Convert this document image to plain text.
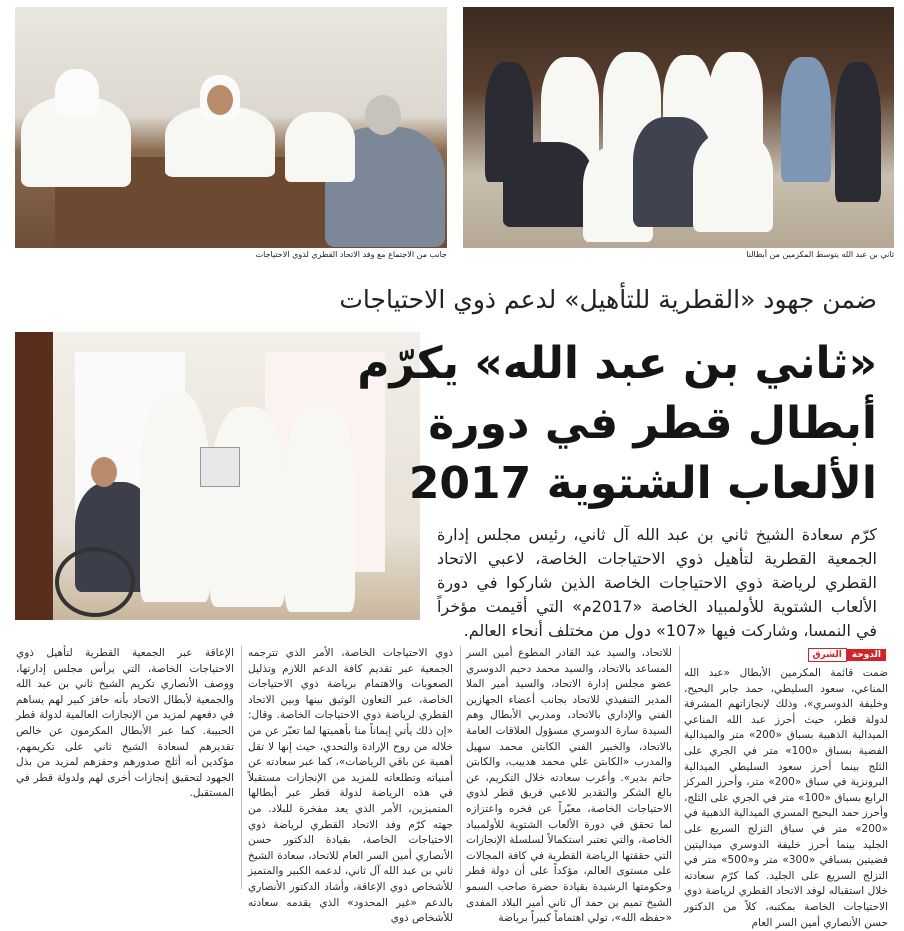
جانب من الاجتماع مع وفد الاتحاد القطري لذوي الاحتياجات	ثاني بن عبد الله يتوسط المكرمين من أبطالنا
ضمن جهود «القطرية للتأهيل» لدعم ذوي الاحتياجات
«ثاني بن عبد الله» يكرّم
أبطال قطر في دورة
الألعاب الشتوية 2017
كرّم سعادة الشيخ ثاني بن عبد الله آل ثاني، رئيس مجلس إدارة الجمعية القطرية لتأهيل ذوي الاحتياجات الخاصة، لاعبي الاتحاد القطري لرياضة ذوي الاحتياجات الخاصة الذين شاركوا في دورة الألعاب الشتوية للأولمبياد الخاصة «2017م» التي أقيمت مؤخراً في النمسا، وشاركت فيها «107» دول من مختلف أنحاء العالم.
الدوحة
الشرق
ضمت قائمة المكرمين الأبطال «عبد الله المناعي، سعود السليطي، حمد جابر البحيح، وخليفة الدوسري»، وذلك لإنجازاتهم المشرفة لدولة قطر، حيث أحرز عبد الله المناعي الميدالية الذهبية بسباق «200» متر والميدالية الفضية بسباق «100» متر في الجري على الثلج بينما أحرز سعود السليطي الميدالية البرونزية في سباق «200» متر، وأحرز المركز الرابع بسباق «100» متر في الجري على الثلج، وأحرز حمد البحيح المسري الميدالية الذهبية في «200» متر في سباق التزلج السريع على الجليد بينما أحرز خليفة الدوسري ميداليتين فضيتين بسباقي «300» متر و«500» متر في التزلج السريع على الجليد. كما كرّم سعادته خلال استقباله لوفد الاتحاد القطري لرياضة ذوي الاحتياجات الخاصة بمكتبه، كلاً من الدكتور حسن الأنصاري أمين السر العام
للاتحاد، والسيد عبد القادر المطوع أمين السر المساعد بالاتحاد، والسيد محمد دحيم الدوسري عضو مجلس إدارة الاتحاد، والسيد أمير الملا المدير التنفيذي للاتحاد بجانب أعضاء الجهازين الفني والإداري بالاتحاد، ومدربي الأبطال وهم السيدة سارة الدوسري مسؤول العلاقات العامة بالاتحاد، والخبير الفني الكابتن محمد سهيل والمدرب «الكابتن علي محمد هدييب، والكابتن حاتم بدير». وأعرب سعادته خلال التكريم، عن بالغ الشكر والتقدير للاعبي فريق قطر لذوي الاحتياجات الخاصة، معبّراً عن فخره واعتزازه لما تحقق في دورة الألعاب الشتوية للأولمبياد الخاصة، والتي تعتبر استكمالاً لسلسلة الإنجازات التي حققتها الرياضة القطرية في كافة المجالات على مستوى العالم، مؤكداً على أن دولة قطر وحكومتها الرشيدة بقيادة حضرة صاحب السمو الشيخ تميم بن حمد آل ثاني أمير البلاد المفدى «حفظه الله»، تولي اهتماماً كبيراً برياضة
ذوي الاحتياجات الخاصة، الأمر الذي تترجمه الجمعية عبر تقديم كافة الدعم اللازم وتذليل الصعوبات والاهتمام برياضة ذوي الاحتياجات الخاصة، عبر التعاون الوثيق بينها وبين الاتحاد القطري لرياضة ذوي الاحتياجات الخاصة. وقال: «إن ذلك يأتي إيماناً منا بأهميتها لما تعبّر عن من خلاله من روح الإرادة والتحدي، حيث إنها لا تقل أهمية عن باقي الرياضات»، كما عبر سعادته عن أمنياته وتطلعاته للمزيد من الإنجازات مستقبلاً في هذه الرياضة لدولة قطر عبر أبطالها المتميزين، الأمر الذي يعد مفخرة للبلاد. من جهته كرّم وفد الاتحاد القطري لرياضة ذوي الاحتياجات الخاصة، بقيادة الدكتور حسن الأنصاري أمين السر العام للاتحاد، سعادة الشيخ ثاني بن عبد الله آل ثاني، لدعمه الكبير والمتميز للأشخاص ذوي الإعاقة، وأشاد الدكتور الأنصاري بالدعم «غير المحدود» الذي يقدمه سعادته للأشخاص ذوي
الإعاقة عبر الجمعية القطرية لتأهيل ذوي الاحتياجات الخاصة، التي يرأس مجلس إدارتها، ووصف الأنصاري تكريم الشيخ ثاني بن عبد الله والجمعية لأبطال الاتحاد بأنه حافز كبير لهم يساهم في دفعهم لمزيد من الإنجازات العالمية لدولة قطر الحبيبة. كما عبر الأبطال المكرمون عن خالص تقديرهم لسعادة الشيخ ثاني على تكريمهم، مؤكدين أنه أثلج صدورهم وحفزهم لمزيد من بذل الجهود لتحقيق إنجازات أخرى لهم ولدولة قطر في المستقبل.
